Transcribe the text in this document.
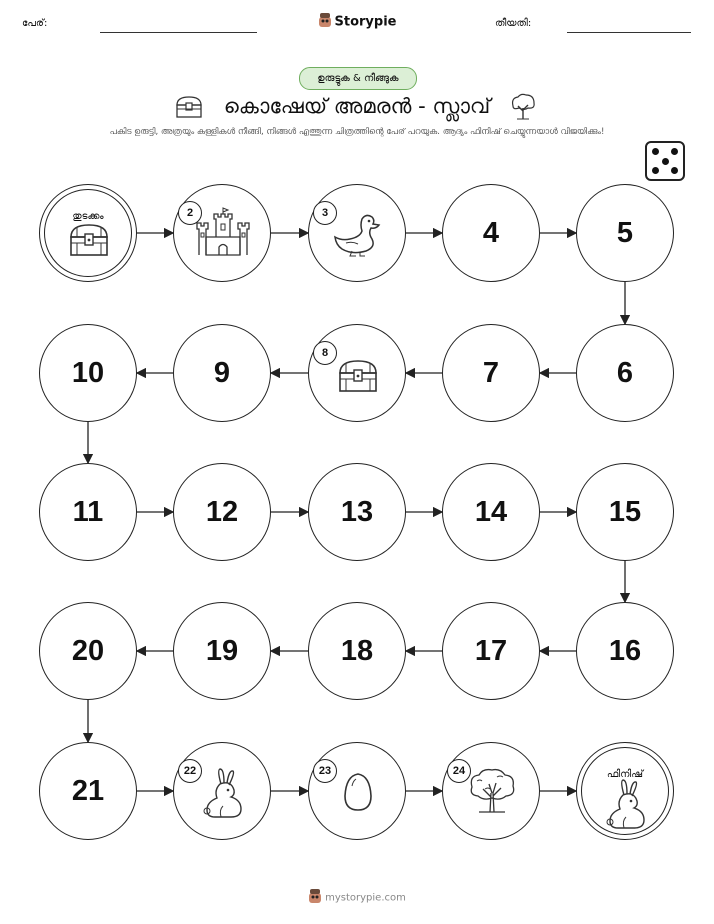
പേര്:	Storypie	തീയതി:
ഉരുട്ടുക & നീങ്ങുക
കൊഷേയ് അമരൻ - സ്ലാവ്
പകിട ഉരുട്ടി, അത്രയും കള്ളികൾ നീങ്ങി, നിങ്ങൾ എത്തുന്ന ചിത്രത്തിന്റെ പേര് പറയുക. ആദ്യം ഫിനിഷ് ചെയ്യുന്നയാൾ വിജയിക്കും!
തുടക്കം	2	3
4	5
6
7
8
9
10
11	12	13	14	15
16
17
18
19
20
21
22	23	24	ഫിനിഷ്
mystorypie.com
